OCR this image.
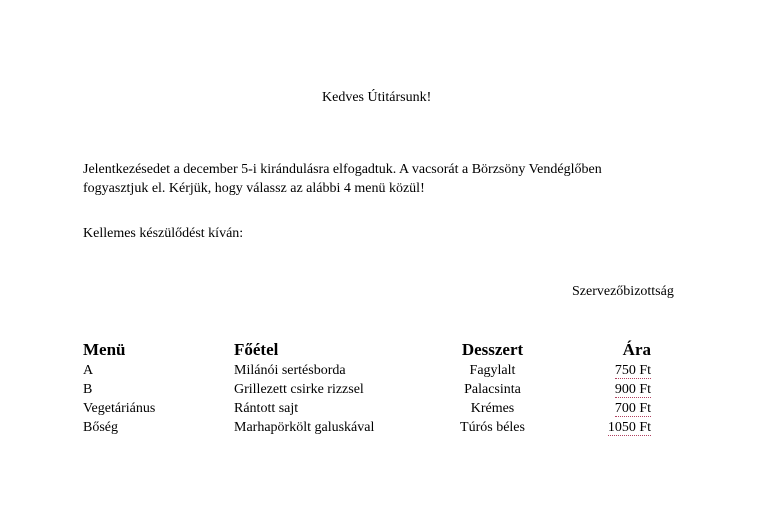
Kedves Útitársunk!
Jelentkezésedet a december 5-i kirándulásra elfogadtuk. A vacsorát a Börzsöny Vendéglőben
fogyasztjuk el. Kérjük, hogy válassz az alábbi 4 menü közül!
Kellemes készülődést kíván:
Szervezőbizottság
Menü	Főétel	Desszert	Ára
A	Milánói sertésborda	Fagylalt	750 Ft
B	Grillezett csirke rizzsel	Palacsinta	900 Ft
Vegetáriánus	Rántott sajt	Krémes	700 Ft
Bőség	Marhapörkölt galuskával	Túrós béles	1050 Ft
